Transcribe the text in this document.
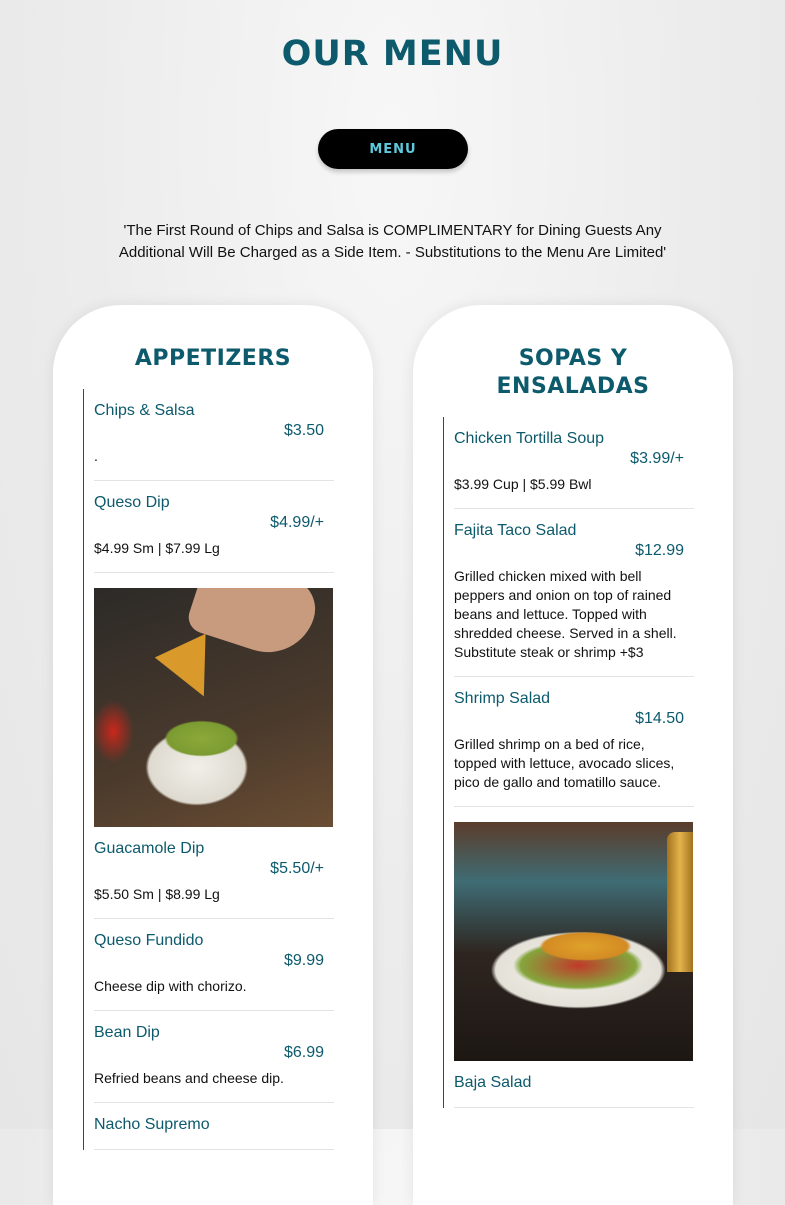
OUR MENU
MENU

'The First Round of Chips and Salsa is COMPLIMENTARY for Dining Guests Any Additional Will Be Charged as a Side Item. - Substitutions to the Menu Are Limited'

APPETIZERS
Chips & Salsa
$3.50
.
Queso Dip
$4.99/+
$4.99 Sm | $7.99 Lg
Guacamole Dip
$5.50/+
$5.50 Sm | $8.99 Lg
Queso Fundido
$9.99
Cheese dip with chorizo.
Bean Dip
$6.99
Refried beans and cheese dip.
Nacho Supremo
SOPAS Y
ENSALADAS
Chicken Tortilla Soup
$3.99/+
$3.99 Cup | $5.99 Bwl
Fajita Taco Salad
$12.99
Grilled chicken mixed with bell peppers and onion on top of rained beans and lettuce. Topped with shredded cheese. Served in a shell. Substitute steak or shrimp +$3
Shrimp Salad
$14.50
Grilled shrimp on a bed of rice, topped with lettuce, avocado slices, pico de gallo and tomatillo sauce.
Baja Salad
